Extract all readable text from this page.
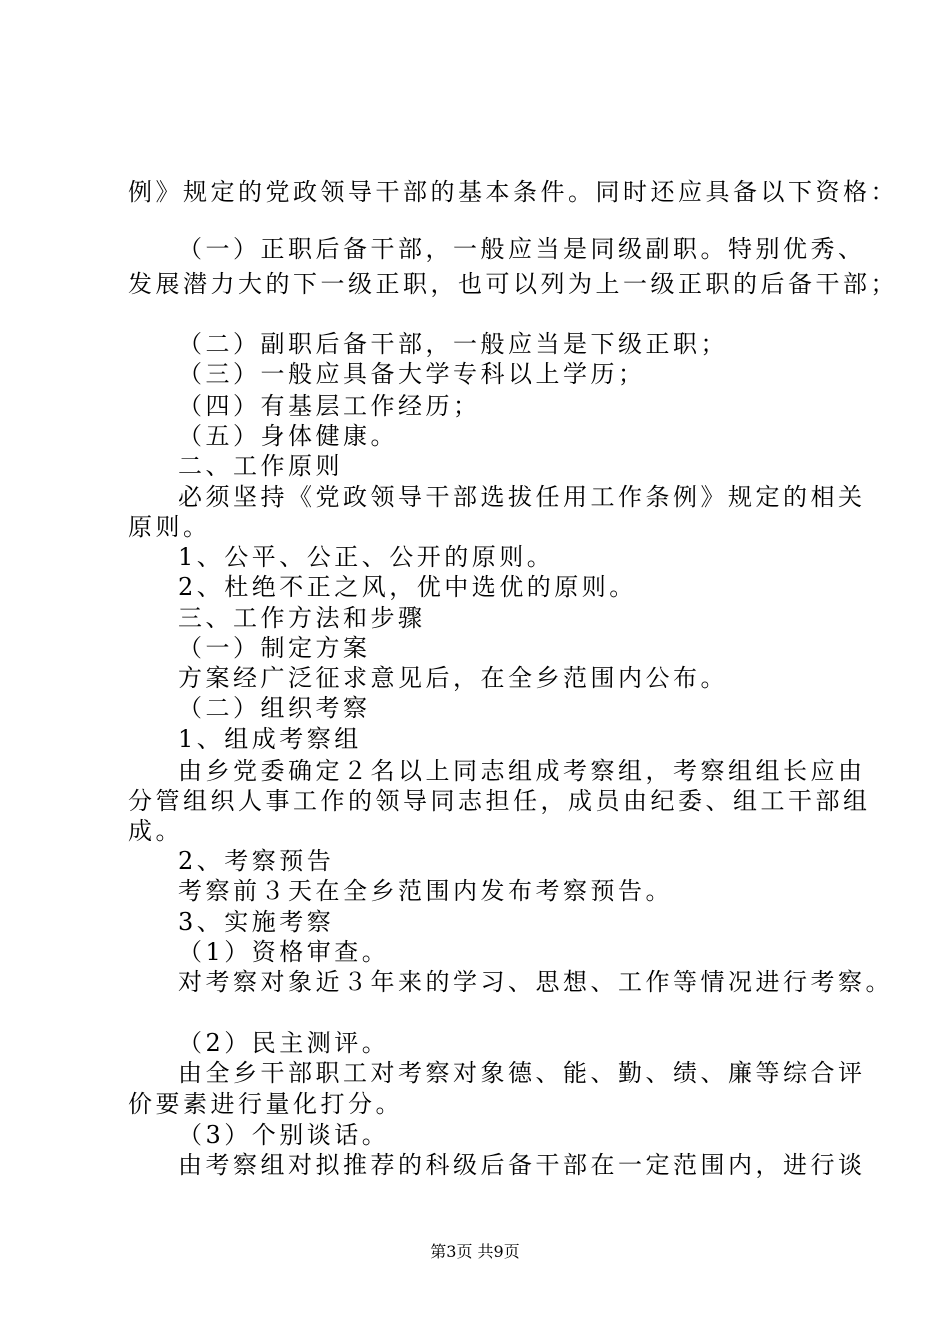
例》规定的党政领导干部的基本条件。同时还应具备以下资格：
（一）正职后备干部，一般应当是同级副职。特别优秀、
发展潜力大的下一级正职，也可以列为上一级正职的后备干部；
（二）副职后备干部，一般应当是下级正职；
（三）一般应具备大学专科以上学历；
（四）有基层工作经历；
（五）身体健康。
二、工作原则
必须坚持《党政领导干部选拔任用工作条例》规定的相关
原则。
1、公平、公正、公开的原则。
2、杜绝不正之风，优中选优的原则。
三、工作方法和步骤
（一）制定方案
方案经广泛征求意见后，在全乡范围内公布。
（二）组织考察
1、组成考察组
由乡党委确定２名以上同志组成考察组，考察组组长应由
分管组织人事工作的领导同志担任，成员由纪委、组工干部组
成。
2、考察预告
考察前３天在全乡范围内发布考察预告。
3、实施考察
（1）资格审查。
对考察对象近３年来的学习、思想、工作等情况进行考察。
（2）民主测评。
由全乡干部职工对考察对象德、能、勤、绩、廉等综合评
价要素进行量化打分。
（3）个别谈话。
由考察组对拟推荐的科级后备干部在一定范围内，进行谈
第3页 共9页
